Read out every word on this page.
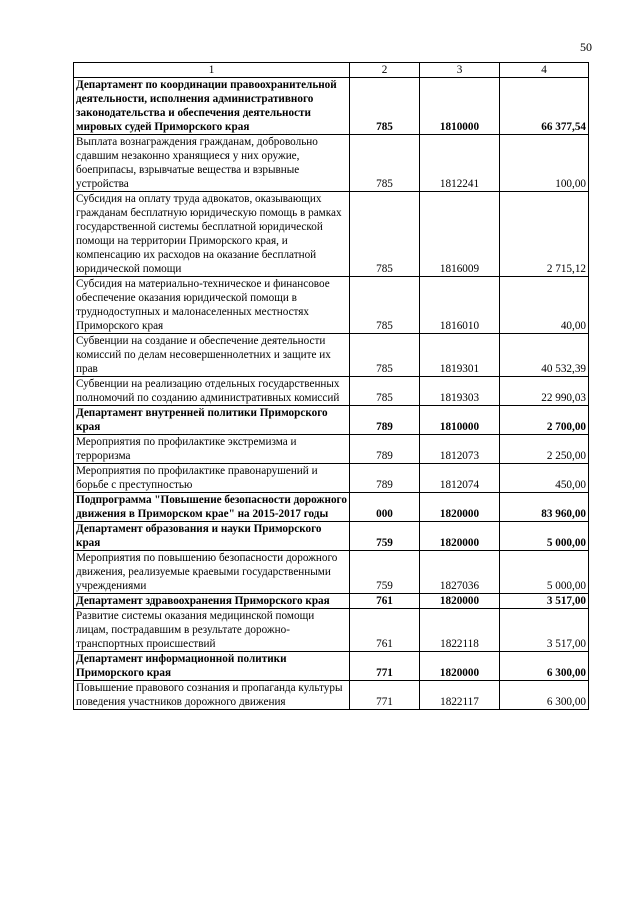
50
1	2	3	4
Департамент по координации правоохранительной деятельности, исполнения административного законодательства и обеспечения деятельности мировых судей Приморского края	785	1810000	66 377,54
Выплата вознаграждения гражданам, добровольно сдавшим незаконно хранящиеся у них оружие, боеприпасы, взрывчатые вещества и взрывные устройства	785	1812241	100,00
Субсидия на оплату труда адвокатов, оказывающих гражданам бесплатную юридическую помощь в рамках государственной системы бесплатной юридической помощи на территории Приморского края, и компенсацию их расходов на оказание бесплатной юридической помощи	785	1816009	2 715,12
Субсидия на материально-техническое и финансовое обеспечение оказания юридической помощи в труднодоступных и малонаселенных местностях Приморского края	785	1816010	40,00
Субвенции на создание и обеспечение деятельности комиссий по делам несовершеннолетних и защите их прав	785	1819301	40 532,39
Субвенции на реализацию отдельных государственных полномочий по созданию административных комиссий	785	1819303	22 990,03
Департамент внутренней политики Приморского края	789	1810000	2 700,00
Мероприятия по профилактике экстремизма и терроризма	789	1812073	2 250,00
Мероприятия по профилактике правонарушений и борьбе с преступностью	789	1812074	450,00
Подпрограмма "Повышение безопасности дорожного движения в Приморском крае" на 2015-2017 годы	000	1820000	83 960,00
Департамент образования и науки Приморского края	759	1820000	5 000,00
Мероприятия по повышению безопасности дорожного движения, реализуемые краевыми государственными учреждениями	759	1827036	5 000,00
Департамент здравоохранения Приморского края	761	1820000	3 517,00
Развитие системы оказания медицинской помощи лицам, пострадавшим в результате дорожно-транспортных происшествий	761	1822118	3 517,00
Департамент информационной политики Приморского края	771	1820000	6 300,00
Повышение правового сознания и пропаганда культуры поведения участников дорожного движения	771	1822117	6 300,00
